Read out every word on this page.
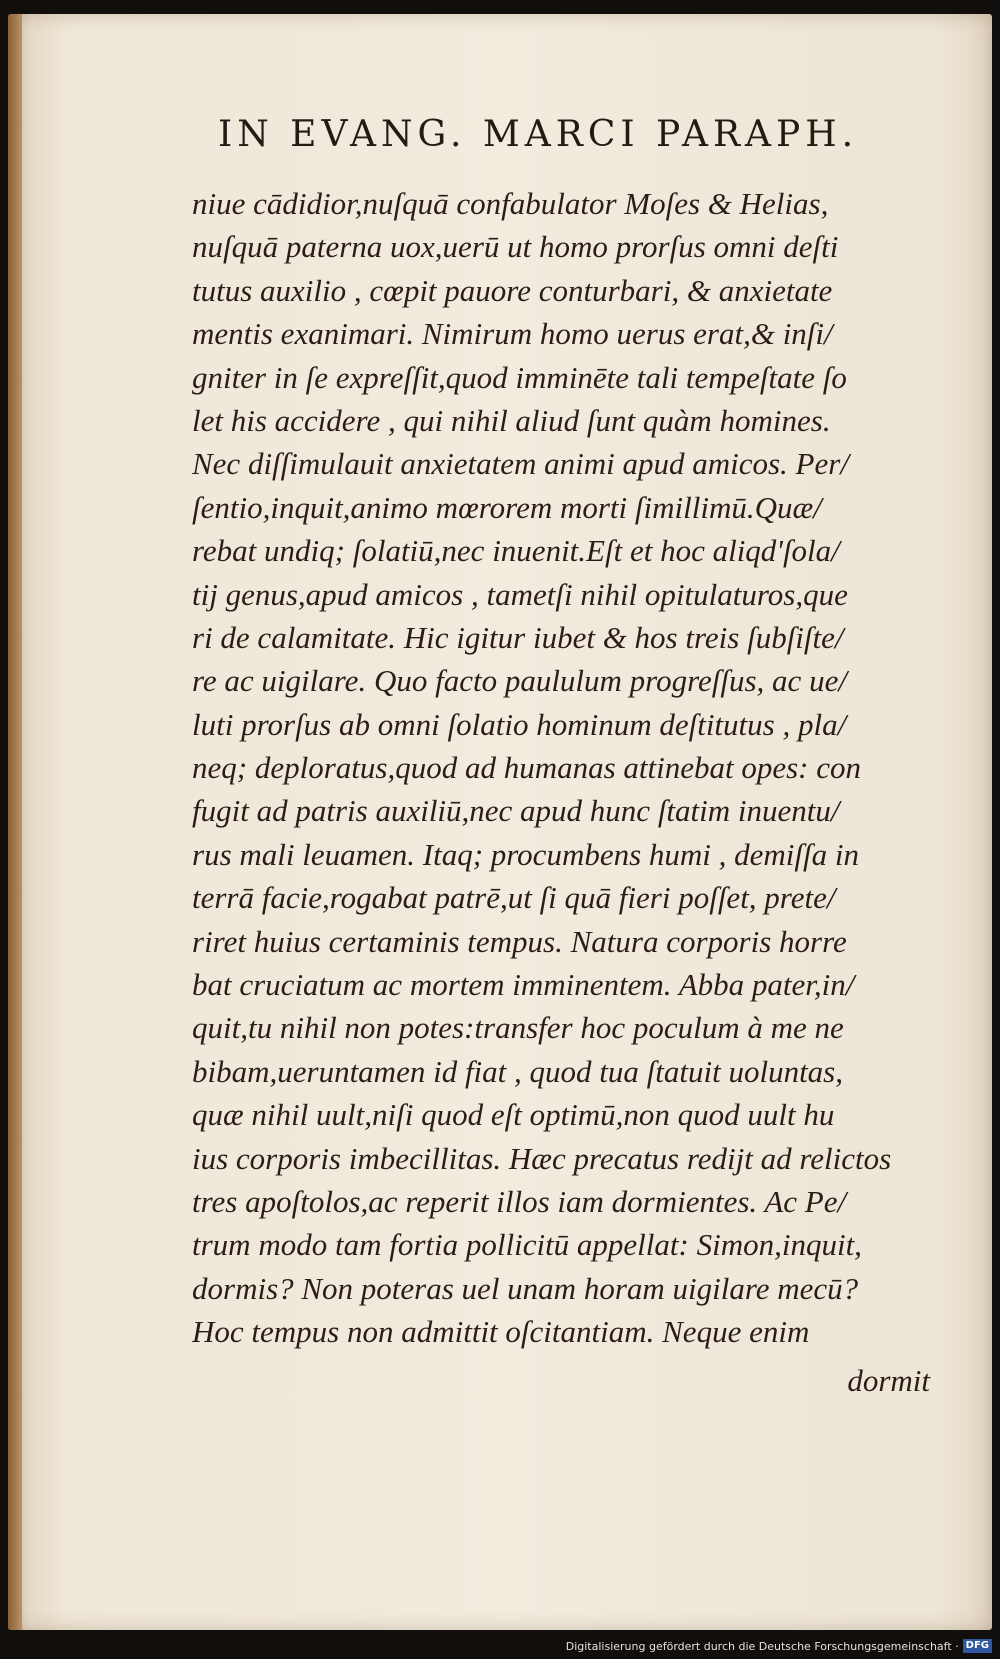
IN EVANG. MARCI PARAPH.
niue cādidior,nuſquā confabulator Moſes & Helias,
nuſquā paterna uox,uerū ut homo prorſus omni deſti
tutus auxilio , cœpit pauore conturbari, & anxietate
mentis exanimari. Nimirum homo uerus erat,& inſi/
gniter in ſe expreſſit,quod imminēte tali tempeſtate ſo
let his accidere , qui nihil aliud ſunt quàm homines.
Nec diſſimulauit anxietatem animi apud amicos. Per/
ſentio,inquit,animo mœrorem morti ſimillimū.Quæ/
rebat undiq; ſolatiū,nec inuenit.Eſt et hoc aliqd'ſola/
tij genus,apud amicos , tametſi nihil opitulaturos,que
ri de calamitate. Hic igitur iubet & hos treis ſubſiſte/
re ac uigilare. Quo facto paululum progreſſus, ac ue/
luti prorſus ab omni ſolatio hominum deſtitutus , pla/
neq; deploratus,quod ad humanas attinebat opes: con
fugit ad patris auxiliū,nec apud hunc ſtatim inuentu/
rus mali leuamen. Itaq; procumbens humi , demiſſa in
terrā facie,rogabat patrē,ut ſi quā fieri poſſet, prete/
riret huius certaminis tempus. Natura corporis horre
bat cruciatum ac mortem imminentem. Abba pater,in/
quit,tu nihil non potes:transfer hoc poculum à me ne
bibam,ueruntamen id fiat , quod tua ſtatuit uoluntas,
quæ nihil uult,niſi quod eſt optimū,non quod uult hu
ius corporis imbecillitas. Hæc precatus redijt ad relictos
tres apoſtolos,ac reperit illos iam dormientes. Ac Pe/
trum modo tam fortia pollicitū appellat: Simon,inquit,
dormis? Non poteras uel unam horam uigilare mecū?
Hoc tempus non admittit oſcitantiam. Neque enim
dormit
Digitalisierung gefördert durch die Deutsche Forschungsgemeinschaft · DFG
